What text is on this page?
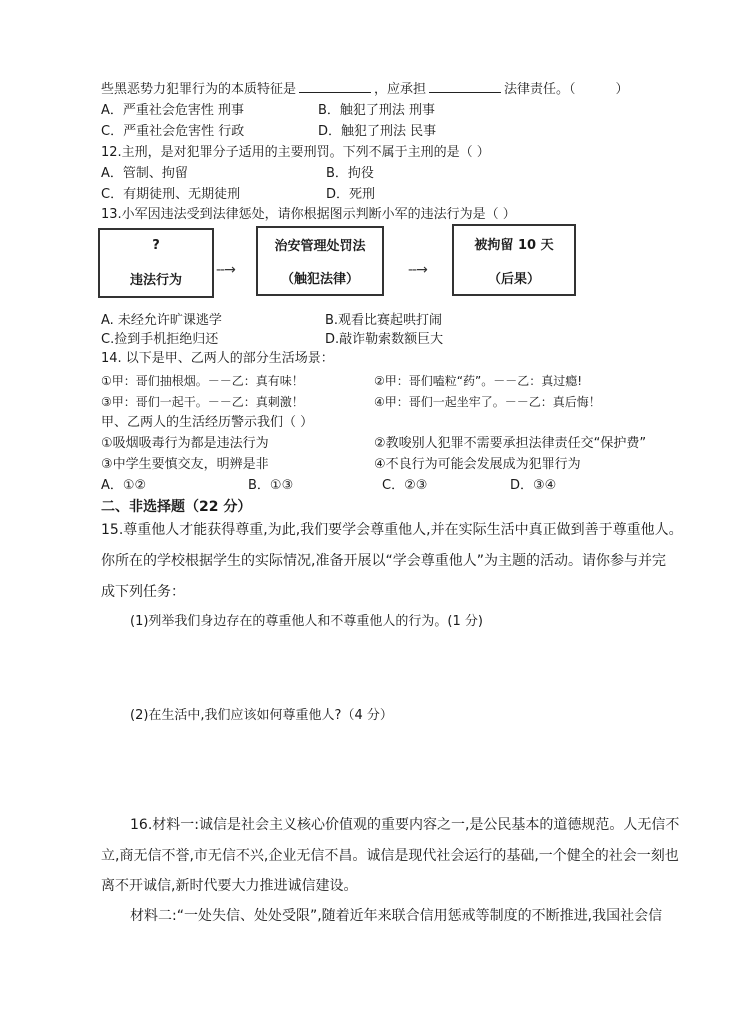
些黑恶势力犯罪行为的本质特征是	，应承担	法律责任。（	）
A．严重社会危害性 刑事	B．触犯了刑法 刑事
C．严重社会危害性 行政	D．触犯了刑法 民事
12.主刑，是对犯罪分子适用的主要刑罚。下列不属于主刑的是（ ）
A．管制、拘留	B．拘役
C．有期徒刑、无期徒刑	D．死刑
13.小军因违法受到法律惩处，请你根据图示判断小军的违法行为是（ ）
?
违法行为
--→
治安管理处罚法
（触犯法律）
--→
被拘留 10 天
（后果）
A. 未经允许旷课逃学	B.观看比赛起哄打闹
C.捡到手机拒绝归还	D.敲诈勒索数额巨大
14. 以下是甲、乙两人的部分生活场景：
①甲：哥们抽根烟。－－乙：真有味！	②甲：哥们嗑粒“药”。－－乙：真过瘾!
③甲：哥们一起干。－－乙：真刺激！	④甲：哥们一起坐牢了。－－乙：真后悔！
甲、乙两人的生活经历警示我们（ ）
①吸烟吸毒行为都是违法行为	②教唆别人犯罪不需要承担法律责任交“保护费”
③中学生要慎交友，明辨是非	④不良行为可能会发展成为犯罪行为
A．①②	B．①③	C．②③	D．③④
二、非选择题（22 分）
15.尊重他人才能获得尊重,为此,我们要学会尊重他人,并在实际生活中真正做到善于尊重他人。
你所在的学校根据学生的实际情况,准备开展以“学会尊重他人”为主题的活动。请你参与并完
成下列任务：
(1)列举我们身边存在的尊重他人和不尊重他人的行为。(1 分)
(2)在生活中,我们应该如何尊重他人?（4 分）
16.材料一:诚信是社会主义核心价值观的重要内容之一,是公民基本的道德规范。人无信不
立,商无信不誉,市无信不兴,企业无信不昌。诚信是现代社会运行的基础,一个健全的社会一刻也
离不开诚信,新时代要大力推进诚信建设。
材料二:“一处失信、处处受限”,随着近年来联合信用惩戒等制度的不断推进,我国社会信
